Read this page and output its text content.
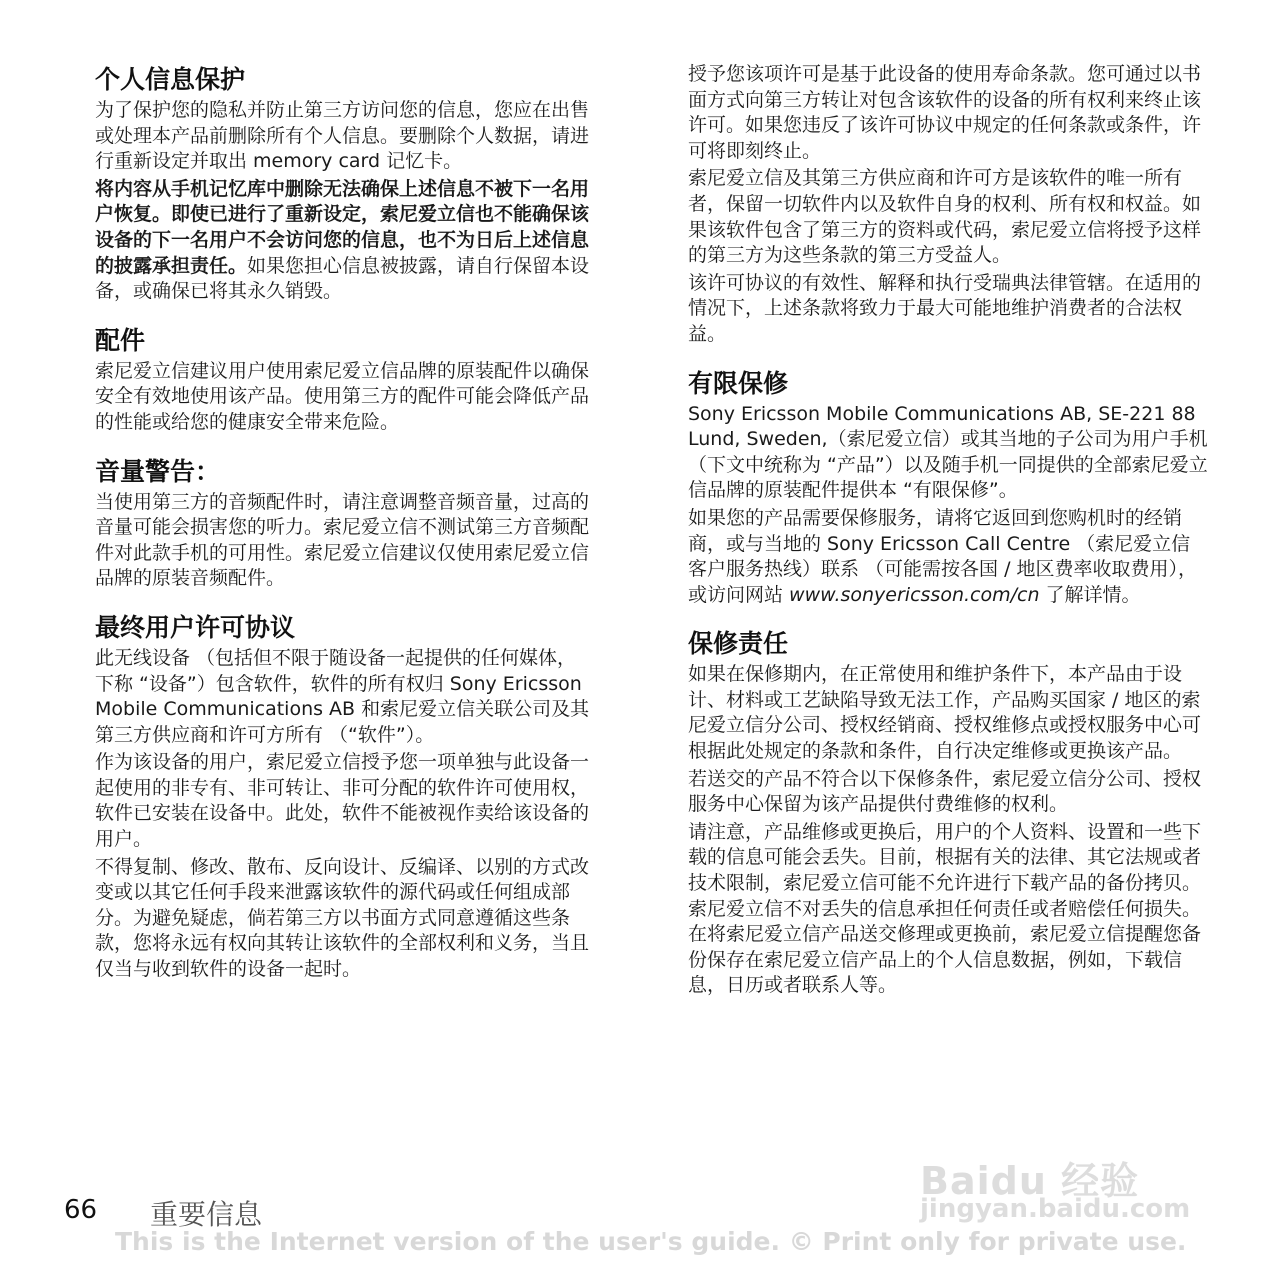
个人信息保护

为了保护您的隐私并防止第三方访问您的信息，您应在出售或处理本产品前删除所有个人信息。要删除个人数据，请进行重新设定并取出 memory card 记忆卡。

将内容从手机记忆库中删除无法确保上述信息不被下一名用户恢复。即使已进行了重新设定，索尼爱立信也不能确保该设备的下一名用户不会访问您的信息，也不为日后上述信息的披露承担责任。如果您担心信息被披露，请自行保留本设备，或确保已将其永久销毁。

配件

索尼爱立信建议用户使用索尼爱立信品牌的原装配件以确保安全有效地使用该产品。使用第三方的配件可能会降低产品的性能或给您的健康安全带来危险。

音量警告：

当使用第三方的音频配件时，请注意调整音频音量，过高的音量可能会损害您的听力。索尼爱立信不测试第三方音频配件对此款手机的可用性。索尼爱立信建议仅使用索尼爱立信品牌的原装音频配件。

最终用户许可协议

此无线设备 （包括但不限于随设备一起提供的任何媒体，下称 “设备”）包含软件，软件的所有权归 Sony Ericsson Mobile Communications AB 和索尼爱立信关联公司及其第三方供应商和许可方所有 （“软件”）。

作为该设备的用户，索尼爱立信授予您一项单独与此设备一起使用的非专有、非可转让、非可分配的软件许可使用权，软件已安装在设备中。此处，软件不能被视作卖给该设备的用户。

不得复制、修改、散布、反向设计、反编译、以别的方式改变或以其它任何手段来泄露该软件的源代码或任何组成部分。为避免疑虑，倘若第三方以书面方式同意遵循这些条款，您将永远有权向其转让该软件的全部权利和义务，当且仅当与收到软件的设备一起时。

授予您该项许可是基于此设备的使用寿命条款。您可通过以书面方式向第三方转让对包含该软件的设备的所有权利来终止该许可。如果您违反了该许可协议中规定的任何条款或条件，许可将即刻终止。

索尼爱立信及其第三方供应商和许可方是该软件的唯一所有者，保留一切软件内以及软件自身的权利、所有权和权益。如果该软件包含了第三方的资料或代码，索尼爱立信将授予这样的第三方为这些条款的第三方受益人。

该许可协议的有效性、解释和执行受瑞典法律管辖。在适用的情况下，上述条款将致力于最大可能地维护消费者的合法权益。

有限保修

Sony Ericsson Mobile Communications AB, SE-221 88 Lund, Sweden,（索尼爱立信）或其当地的子公司为用户手机 （下文中统称为 “产品”）以及随手机一同提供的全部索尼爱立信品牌的原装配件提供本 “有限保修”。

如果您的产品需要保修服务，请将它返回到您购机时的经销商，或与当地的 Sony Ericsson Call Centre （索尼爱立信客户服务热线）联系 （可能需按各国 / 地区费率收取费用），或访问网站 www.sonyericsson.com/cn 了解详情。

保修责任

如果在保修期内，在正常使用和维护条件下，本产品由于设计、材料或工艺缺陷导致无法工作，产品购买国家 / 地区的索尼爱立信分公司、授权经销商、授权维修点或授权服务中心可根据此处规定的条款和条件，自行决定维修或更换该产品。

若送交的产品不符合以下保修条件，索尼爱立信分公司、授权服务中心保留为该产品提供付费维修的权利。

请注意，产品维修或更换后，用户的个人资料、设置和一些下载的信息可能会丢失。目前，根据有关的法律、其它法规或者技术限制，索尼爱立信可能不允许进行下载产品的备份拷贝。索尼爱立信不对丢失的信息承担任何责任或者赔偿任何损失。在将索尼爱立信产品送交修理或更换前，索尼爱立信提醒您备份保存在索尼爱立信产品上的个人信息数据，例如，下载信息，日历或者联系人等。

66 重要信息
This is the Internet version of the user's guide. © Print only for private use.
Baidu 经验
jingyan.baidu.com
